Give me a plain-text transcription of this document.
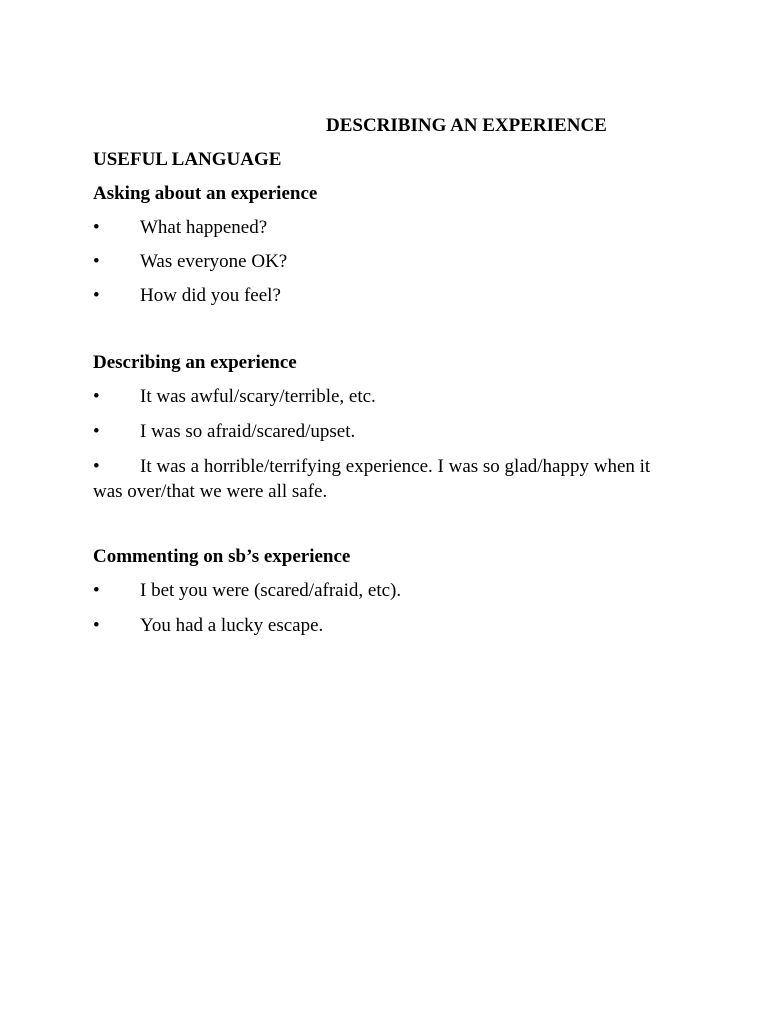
DESCRIBING AN EXPERIENCE
USEFUL LANGUAGE
Asking about an experience
• What happened?
• Was everyone OK?
• How did you feel?
Describing an experience
• It was awful/scary/terrible, etc.
• I was so afraid/scared/upset.
• It was a horrible/terrifying experience. I was so glad/happy when it was over/that we were all safe.
Commenting on sb’s experience
• I bet you were (scared/afraid, etc).
• You had a lucky escape.
